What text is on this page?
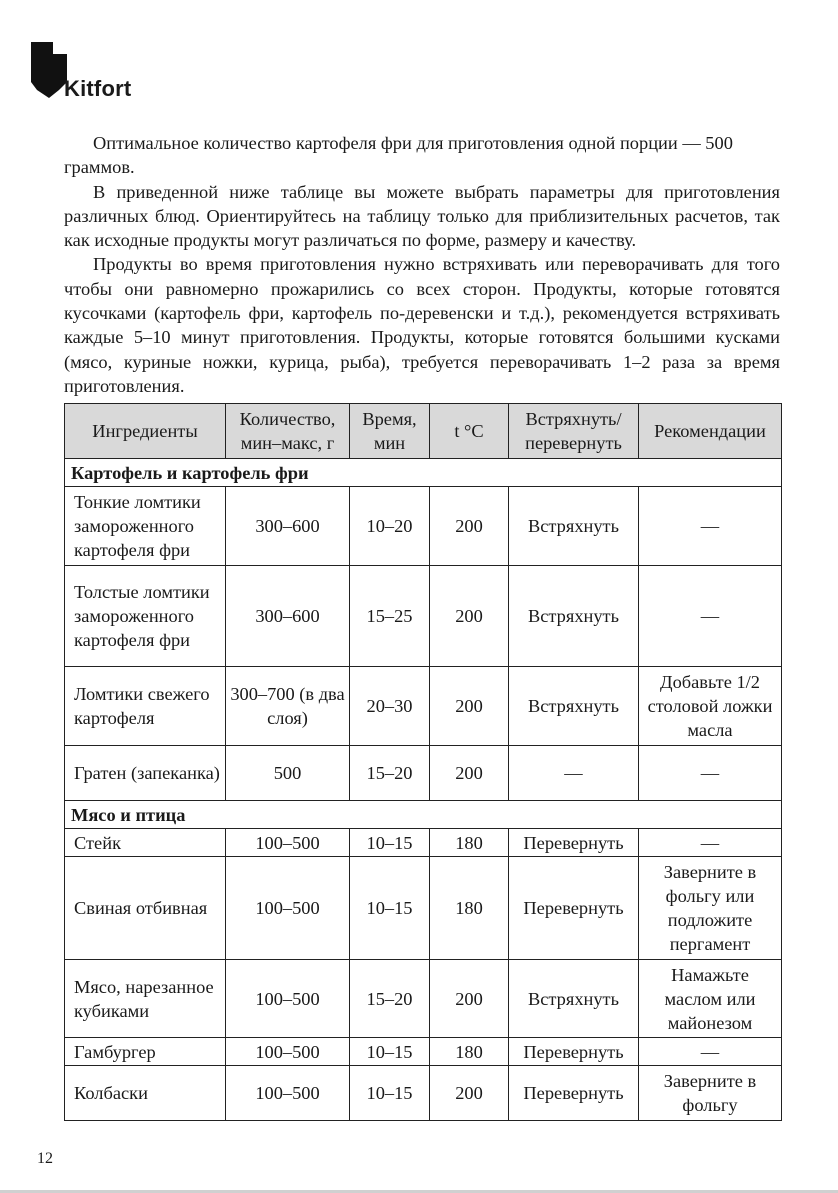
Kitfort

Оптимальное количество картофеля фри для приготовления одной порции — 500 граммов.

В приведенной ниже таблице вы можете выбрать параметры для приготовления различных блюд. Ориентируйтесь на таблицу только для приблизительных расчетов, так как исходные продукты могут различаться по форме, размеру и качеству.

Продукты во время приготовления нужно встряхивать или переворачивать для того чтобы они равномерно прожарились со всех сторон. Продукты, которые готовятся кусочками (картофель фри, картофель по-деревенски и т.д.), рекомендуется встряхивать каждые 5–10 минут приготовления. Продукты, которые готовятся большими кусками (мясо, куриные ножки, курица, рыба), требуется переворачивать 1–2 раза за время приготовления.

Ингредиенты	Количество, мин–макс, г	Время, мин	t °C	Встряхнуть/ перевернуть	Рекомендации
Картофель и картофель фри					
Тонкие ломтики замороженного картофеля фри	300–600	10–20	200	Встряхнуть	—
Толстые ломтики замороженного картофеля фри	300–600	15–25	200	Встряхнуть	—
Ломтики свежего картофеля	300–700 (в два слоя)	20–30	200	Встряхнуть	Добавьте 1/2 столовой ложки масла
Гратен (запеканка)	500	15–20	200	—	—
Мясо и птица					
Стейк	100–500	10–15	180	Перевернуть	—
Свиная отбивная	100–500	10–15	180	Перевернуть	Заверните в фольгу или подложите пергамент
Мясо, нарезанное кубиками	100–500	15–20	200	Встряхнуть	Намажьте маслом или майонезом
Гамбургер	100–500	10–15	180	Перевернуть	—
Колбаски	100–500	10–15	200	Перевернуть	Заверните в фольгу
12
